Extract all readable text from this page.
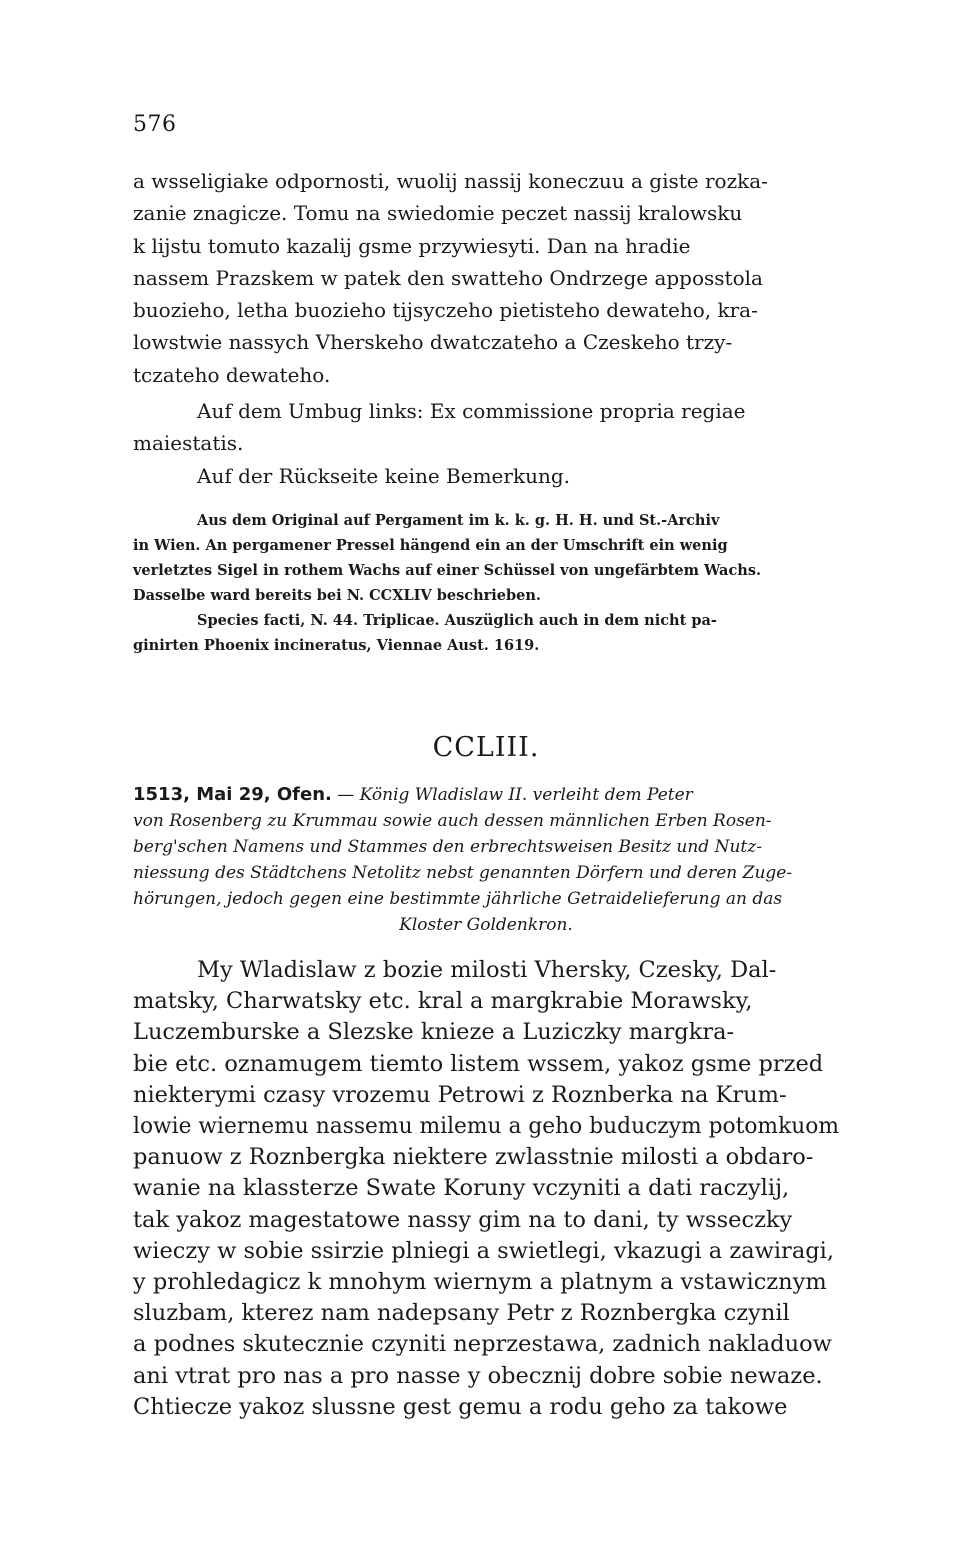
576
a wsseligiake odpornosti, wuolij nassij koneczuu a giste rozka-
zanie znagicze. Tomu na swiedomie peczet nassij kralowsku
k lijstu tomuto kazalij gsme przywiesyti. Dan na hradie
nassem Prazskem w patek den swatteho Ondrzege apposstola
buozieho, letha buozieho tijsyczeho pietisteho dewateho, kra-
lowstwie nassych Vherskeho dwatczateho a Czeskeho trzy-
tczateho dewateho.
Auf dem Umbug links: Ex commissione propria regiae
maiestatis.
Auf der Rückseite keine Bemerkung.
Aus dem Original auf Pergament im k. k. g. H. H. und St.-Archiv
in Wien. An pergamener Pressel hängend ein an der Umschrift ein wenig
verletztes Sigel in rothem Wachs auf einer Schüssel von ungefärbtem Wachs.
Dasselbe ward bereits bei N. CCXLIV beschrieben.
Species facti, N. 44. Triplicae. Auszüglich auch in dem nicht pa-
ginirten Phoenix incineratus, Viennae Aust. 1619.
CCLIII.
1513, Mai 29, Ofen. — König Wladislaw II. verleiht dem Peter
von Rosenberg zu Krummau sowie auch dessen männlichen Erben Rosen-
berg'schen Namens und Stammes den erbrechtsweisen Besitz und Nutz-
niessung des Städtchens Netolitz nebst genannten Dörfern und deren Zuge-
hörungen, jedoch gegen eine bestimmte jährliche Getraidelieferung an das
Kloster Goldenkron.
My Wladislaw z bozie milosti Vhersky, Czesky, Dal-
matsky, Charwatsky etc. kral a margkrabie Morawsky,
Luczemburske a Slezske knieze a Luziczky margkra-
bie etc. oznamugem tiemto listem wssem, yakoz gsme przed
niekterymi czasy vrozemu Petrowi z Roznberka na Krum-
lowie wiernemu nassemu milemu a geho buduczym potomkuom
panuow z Roznbergka niektere zwlasstnie milosti a obdaro-
wanie na klassterze Swate Koruny vczyniti a dati raczylij,
tak yakoz magestatowe nassy gim na to dani, ty wsseczky
wieczy w sobie ssirzie plniegi a swietlegi, vkazugi a zawiragi,
y prohledagicz k mnohym wiernym a platnym a vstawicznym
sluzbam, kterez nam nadepsany Petr z Roznbergka czynil
a podnes skutecznie czyniti neprzestawa, zadnich nakladuow
ani vtrat pro nas a pro nasse y obecznij dobre sobie newaze.
Chtiecze yakoz slussne gest gemu a rodu geho za takowe
